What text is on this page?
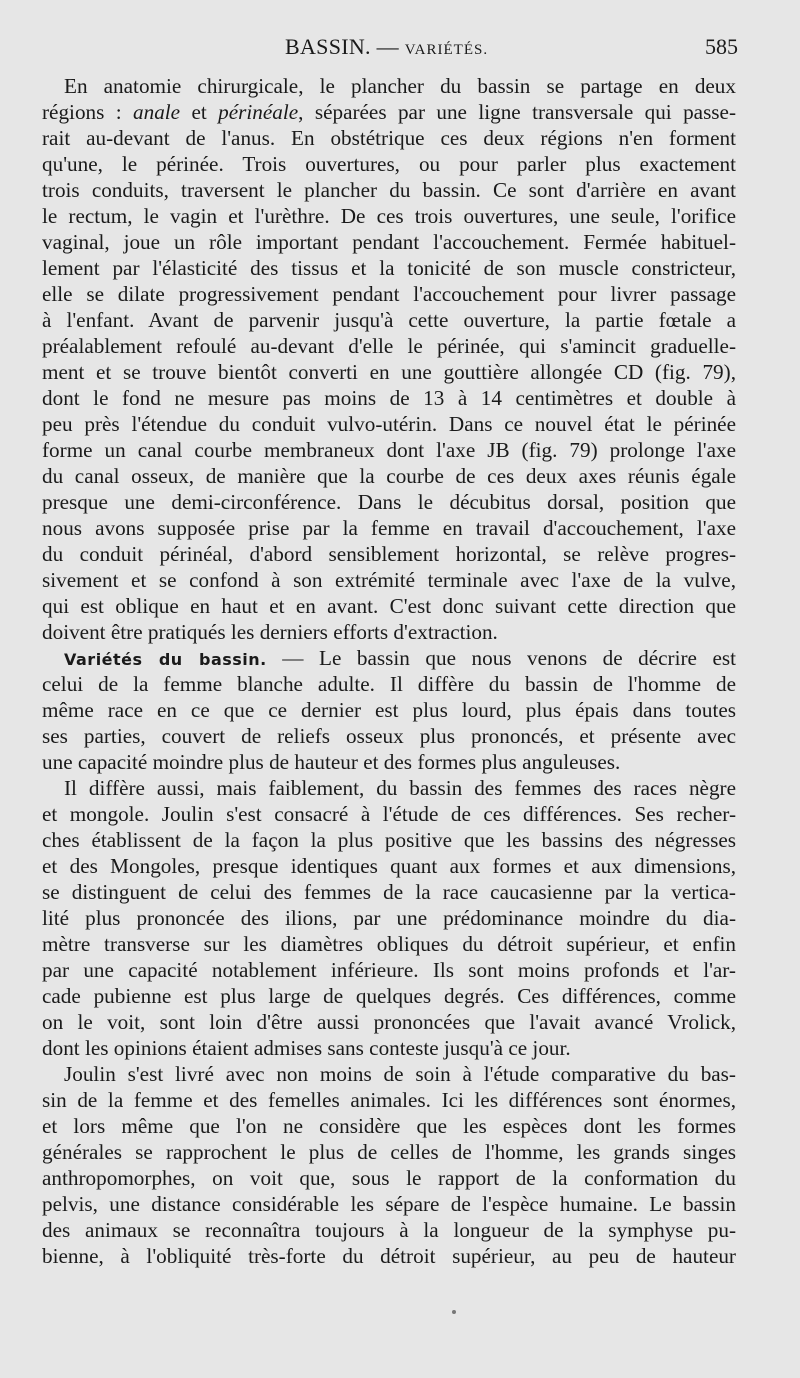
BASSIN. — VARIÉTÉS.	585
En anatomie chirurgicale, le plancher du bassin se partage en deux
régions : anale et périnéale, séparées par une ligne transversale qui passe-
rait au-devant de l'anus. En obstétrique ces deux régions n'en forment
qu'une, le périnée. Trois ouvertures, ou pour parler plus exactement
trois conduits, traversent le plancher du bassin. Ce sont d'arrière en avant
le rectum, le vagin et l'urèthre. De ces trois ouvertures, une seule, l'orifice
vaginal, joue un rôle important pendant l'accouchement. Fermée habituel-
lement par l'élasticité des tissus et la tonicité de son muscle constricteur,
elle se dilate progressivement pendant l'accouchement pour livrer passage
à l'enfant. Avant de parvenir jusqu'à cette ouverture, la partie fœtale a
préalablement refoulé au-devant d'elle le périnée, qui s'amincit graduelle-
ment et se trouve bientôt converti en une gouttière allongée CD (fig. 79),
dont le fond ne mesure pas moins de 13 à 14 centimètres et double à
peu près l'étendue du conduit vulvo-utérin. Dans ce nouvel état le périnée
forme un canal courbe membraneux dont l'axe JB (fig. 79) prolonge l'axe
du canal osseux, de manière que la courbe de ces deux axes réunis égale
presque une demi-circonférence. Dans le décubitus dorsal, position que
nous avons supposée prise par la femme en travail d'accouchement, l'axe
du conduit périnéal, d'abord sensiblement horizontal, se relève progres-
sivement et se confond à son extrémité terminale avec l'axe de la vulve,
qui est oblique en haut et en avant. C'est donc suivant cette direction que
doivent être pratiqués les derniers efforts d'extraction.
Variétés du bassin. — Le bassin que nous venons de décrire est
celui de la femme blanche adulte. Il diffère du bassin de l'homme de
même race en ce que ce dernier est plus lourd, plus épais dans toutes
ses parties, couvert de reliefs osseux plus prononcés, et présente avec
une capacité moindre plus de hauteur et des formes plus anguleuses.
Il diffère aussi, mais faiblement, du bassin des femmes des races nègre
et mongole. Joulin s'est consacré à l'étude de ces différences. Ses recher-
ches établissent de la façon la plus positive que les bassins des négresses
et des Mongoles, presque identiques quant aux formes et aux dimensions,
se distinguent de celui des femmes de la race caucasienne par la vertica-
lité plus prononcée des ilions, par une prédominance moindre du dia-
mètre transverse sur les diamètres obliques du détroit supérieur, et enfin
par une capacité notablement inférieure. Ils sont moins profonds et l'ar-
cade pubienne est plus large de quelques degrés. Ces différences, comme
on le voit, sont loin d'être aussi prononcées que l'avait avancé Vrolick,
dont les opinions étaient admises sans conteste jusqu'à ce jour.
Joulin s'est livré avec non moins de soin à l'étude comparative du bas-
sin de la femme et des femelles animales. Ici les différences sont énormes,
et lors même que l'on ne considère que les espèces dont les formes
générales se rapprochent le plus de celles de l'homme, les grands singes
anthropomorphes, on voit que, sous le rapport de la conformation du
pelvis, une distance considérable les sépare de l'espèce humaine. Le bassin
des animaux se reconnaîtra toujours à la longueur de la symphyse pu-
bienne, à l'obliquité très-forte du détroit supérieur, au peu de hauteur
